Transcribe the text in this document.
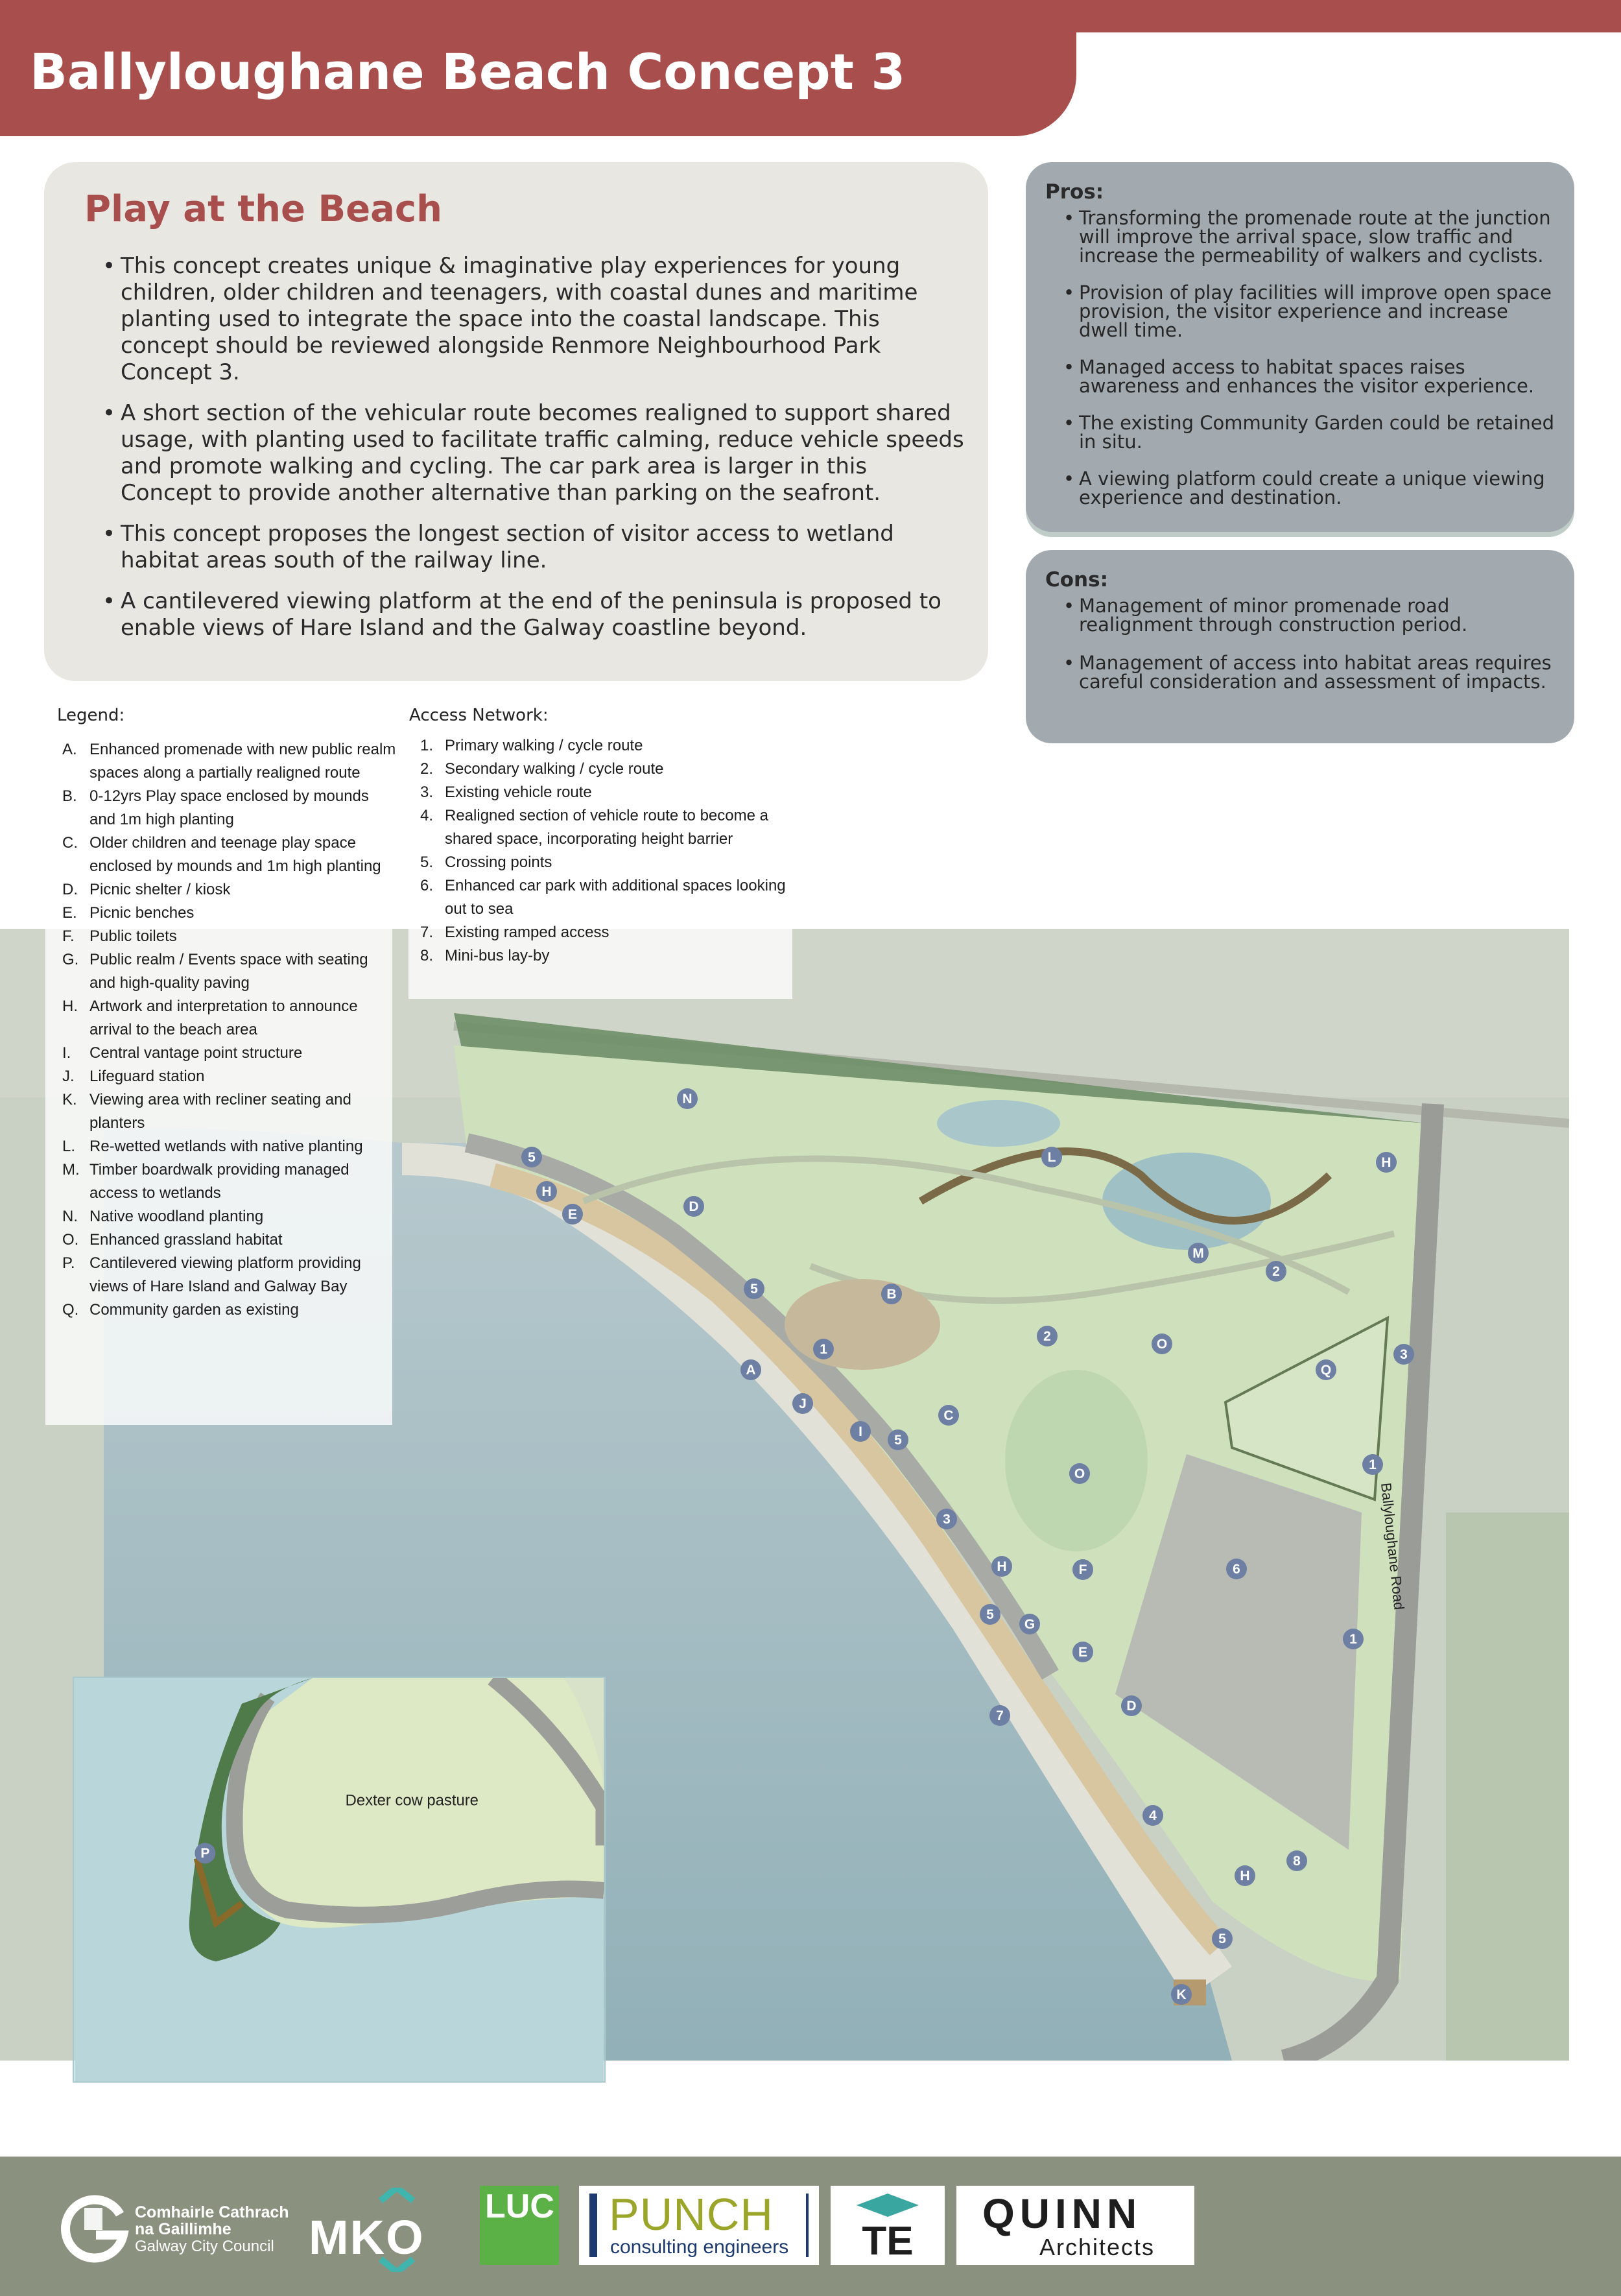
Ballyloughane Beach Concept 3
A
B
C
D
D
E
E
F
G
H
H
H
H
I
J
K
L
M
N
O
O
Q
1
1
1
2
2
3
3
4
5
5
5
5
5
6
7
8
Ballyloughane Road
P
Dexter cow pasture
Play at the Beach
• This concept creates unique & imaginative play experiences for young children, older children and teenagers, with coastal dunes and maritime planting used to integrate the space into the coastal landscape. This concept should be reviewed alongside Renmore Neighbourhood Park Concept 3.
• A short section of the vehicular route becomes realigned to support shared usage, with planting used to facilitate traffic calming, reduce vehicle speeds and promote walking and cycling. The car park area is larger in this Concept to provide another alternative than parking on the seafront.
• This concept proposes the longest section of visitor access to wetland habitat areas south of the railway line.
• A cantilevered viewing platform at the end of the peninsula is proposed to enable views of Hare Island and the Galway coastline beyond.
Pros:
• Transforming the promenade route at the junction will improve the arrival space, slow traffic and increase the permeability of walkers and cyclists.
• Provision of play facilities will improve open space provision, the visitor experience and increase dwell time.
• Managed access to habitat spaces raises awareness and enhances the visitor experience.
• The existing Community Garden could be retained in situ.
• A viewing platform could create a unique viewing experience and destination.
Cons:
• Management of minor promenade road realignment through construction period.
• Management of access into habitat areas requires careful consideration and assessment of impacts.
Legend:	Access Network:
A. Enhanced promenade with new public realm spaces along a partially realigned route
B. 0-12yrs Play space enclosed by mounds and 1m high planting
C. Older children and teenage play space enclosed by mounds and 1m high planting
D. Picnic shelter / kiosk
E. Picnic benches
F. Public toilets
G. Public realm / Events space with seating and high-quality paving
H. Artwork and interpretation to announce arrival to the beach area
I. Central vantage point structure
J. Lifeguard station
K. Viewing area with recliner seating and planters
L. Re-wetted wetlands with native planting
M. Timber boardwalk providing managed access to wetlands
N. Native woodland planting
O. Enhanced grassland habitat
P. Cantilevered viewing platform providing views of Hare Island and Galway Bay
Q. Community garden as existing
1. Primary walking / cycle route
2. Secondary walking / cycle route
3. Existing vehicle route
4. Realigned section of vehicle route to become a shared space, incorporating height barrier
5. Crossing points
6. Enhanced car park with additional spaces looking out to sea
7. Existing ramped access
8. Mini-bus lay-by
Comhairle Cathrach na Gaillimhe
Galway City Council MKO
LUC PUNCH
consulting engineers TE
QUINN
Architects
